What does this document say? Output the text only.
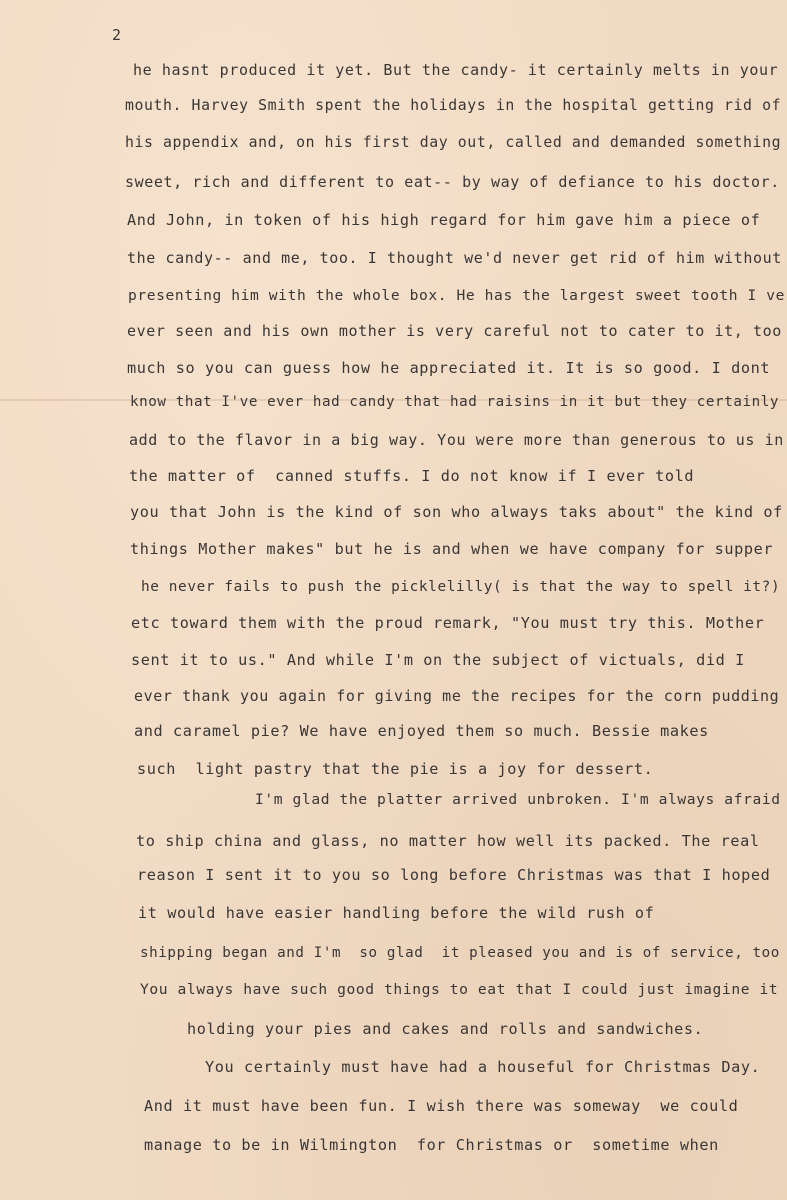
2
he hasnt produced it yet. But the candy- it certainly melts in your
mouth. Harvey Smith spent the holidays in the hospital getting rid of
his appendix and, on his first day out, called and demanded something
sweet, rich and different to eat-- by way of defiance to his doctor.
And John, in token of his high regard for him gave him a piece of
the candy-- and me, too. I thought we'd never get rid of him without
presenting him with the whole box. He has the largest sweet tooth I ve
ever seen and his own mother is very careful not to cater to it, too
much so you can guess how he appreciated it. It is so good. I dont
know that I've ever had candy that had raisins in it but they certainly
add to the flavor in a big way. You were more than generous to us in
the matter of  canned stuffs. I do not know if I ever told
you that John is the kind of son who always taks about" the kind of
things Mother makes" but he is and when we have company for supper
he never fails to push the picklelilly( is that the way to spell it?)
etc toward them with the proud remark, "You must try this. Mother
sent it to us." And while I'm on the subject of victuals, did I
ever thank you again for giving me the recipes for the corn pudding
and caramel pie? We have enjoyed them so much. Bessie makes
such  light pastry that the pie is a joy for dessert.
I'm glad the platter arrived unbroken. I'm always afraid
to ship china and glass, no matter how well its packed. The real
reason I sent it to you so long before Christmas was that I hoped
it would have easier handling before the wild rush of
shipping began and I'm  so glad  it pleased you and is of service, too
You always have such good things to eat that I could just imagine it
holding your pies and cakes and rolls and sandwiches.
You certainly must have had a houseful for Christmas Day.
And it must have been fun. I wish there was someway  we could
manage to be in Wilmington  for Christmas or  sometime when
